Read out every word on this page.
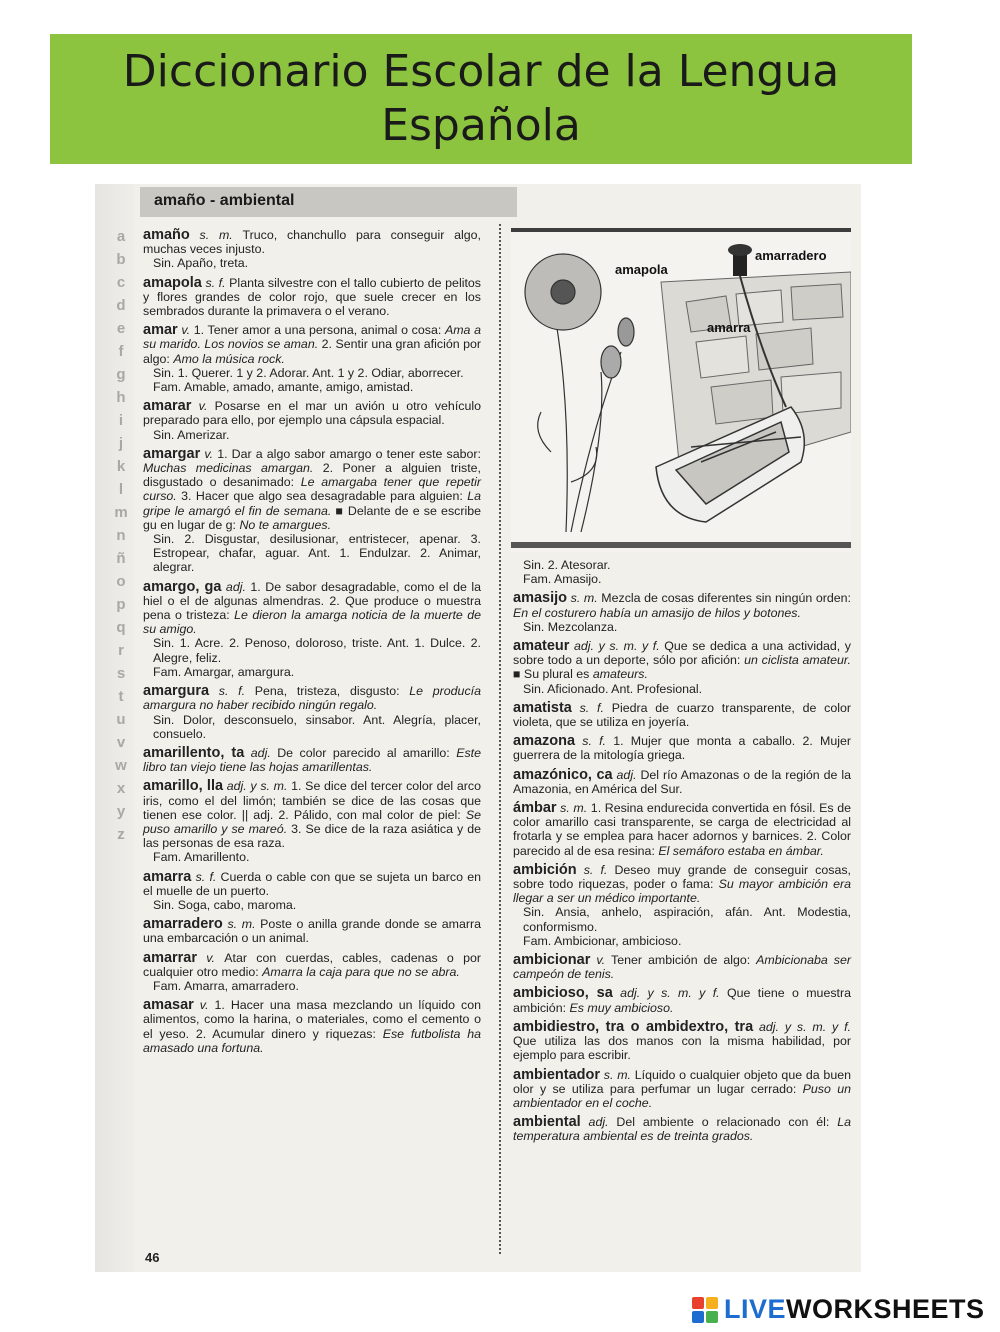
Diccionario Escolar de la Lengua Española
a
b
c
d
e
f
g
h
i
j
k
l
m
n
ñ
o
p
q
r
s
t
u
v
w
x
y
z
amaño - ambiental
amaño s. m. Truco, chanchullo para conseguir algo, muchas veces injusto.
Sin. Apaño, treta.
amapola s. f. Planta silvestre con el tallo cubierto de pelitos y flores grandes de color rojo, que suele crecer en los sembrados durante la primavera o el verano.
amar v. 1. Tener amor a una persona, animal o cosa: Ama a su marido. Los novios se aman. 2. Sentir una gran afición por algo: Amo la música rock.
Sin. 1. Querer. 1 y 2. Adorar. Ant. 1 y 2. Odiar, aborrecer.
Fam. Amable, amado, amante, amigo, amistad.
amarar v. Posarse en el mar un avión u otro vehículo preparado para ello, por ejemplo una cápsula espacial.
Sin. Amerizar.
amargar v. 1. Dar a algo sabor amargo o tener este sabor: Muchas medicinas amargan. 2. Poner a alguien triste, disgustado o desanimado: Le amargaba tener que repetir curso. 3. Hacer que algo sea desagradable para alguien: La gripe le amargó el fin de semana. ■ Delante de e se escribe gu en lugar de g: No te amargues.
Sin. 2. Disgustar, desilusionar, entristecer, apenar. 3. Estropear, chafar, aguar. Ant. 1. Endulzar. 2. Animar, alegrar.
amargo, ga adj. 1. De sabor desagradable, como el de la hiel o el de algunas almendras. 2. Que produce o muestra pena o tristeza: Le dieron la amarga noticia de la muerte de su amigo.
Sin. 1. Acre. 2. Penoso, doloroso, triste. Ant. 1. Dulce. 2. Alegre, feliz.
Fam. Amargar, amargura.
amargura s. f. Pena, tristeza, disgusto: Le producía amargura no haber recibido ningún regalo.
Sin. Dolor, desconsuelo, sinsabor. Ant. Alegría, placer, consuelo.
amarillento, ta adj. De color parecido al amarillo: Este libro tan viejo tiene las hojas amarillentas.
amarillo, lla adj. y s. m. 1. Se dice del tercer color del arco iris, como el del limón; también se dice de las cosas que tienen ese color. || adj. 2. Pálido, con mal color de piel: Se puso amarillo y se mareó. 3. Se dice de la raza asiática y de las personas de esa raza.
Fam. Amarillento.
amarra s. f. Cuerda o cable con que se sujeta un barco en el muelle de un puerto.
Sin. Soga, cabo, maroma.
amarradero s. m. Poste o anilla grande donde se amarra una embarcación o un animal.
amarrar v. Atar con cuerdas, cables, cadenas o por cualquier otro medio: Amarra la caja para que no se abra.
Fam. Amarra, amarradero.
amasar v. 1. Hacer una masa mezclando un líquido con alimentos, como la harina, o materiales, como el cemento o el yeso. 2. Acumular dinero y riquezas: Ese futbolista ha amasado una fortuna.
amapola
amarradero
amarra
Sin. 2. Atesorar.
Fam. Amasijo.
amasijo s. m. Mezcla de cosas diferentes sin ningún orden: En el costurero había un amasijo de hilos y botones.
Sin. Mezcolanza.
amateur adj. y s. m. y f. Que se dedica a una actividad, y sobre todo a un deporte, sólo por afición: un ciclista amateur. ■ Su plural es amateurs.
Sin. Aficionado. Ant. Profesional.
amatista s. f. Piedra de cuarzo transparente, de color violeta, que se utiliza en joyería.
amazona s. f. 1. Mujer que monta a caballo. 2. Mujer guerrera de la mitología griega.
amazónico, ca adj. Del río Amazonas o de la región de la Amazonia, en América del Sur.
ámbar s. m. 1. Resina endurecida convertida en fósil. Es de color amarillo casi transparente, se carga de electricidad al frotarla y se emplea para hacer adornos y barnices. 2. Color parecido al de esa resina: El semáforo estaba en ámbar.
ambición s. f. Deseo muy grande de conseguir cosas, sobre todo riquezas, poder o fama: Su mayor ambición era llegar a ser un médico importante.
Sin. Ansia, anhelo, aspiración, afán. Ant. Modestia, conformismo.
Fam. Ambicionar, ambicioso.
ambicionar v. Tener ambición de algo: Ambicionaba ser campeón de tenis.
ambicioso, sa adj. y s. m. y f. Que tiene o muestra ambición: Es muy ambicioso.
ambidiestro, tra o ambidextro, tra adj. y s. m. y f. Que utiliza las dos manos con la misma habilidad, por ejemplo para escribir.
ambientador s. m. Líquido o cualquier objeto que da buen olor y se utiliza para perfumar un lugar cerrado: Puso un ambientador en el coche.
ambiental adj. Del ambiente o relacionado con él: La temperatura ambiental es de treinta grados.
46
LIVEWORKSHEETS
